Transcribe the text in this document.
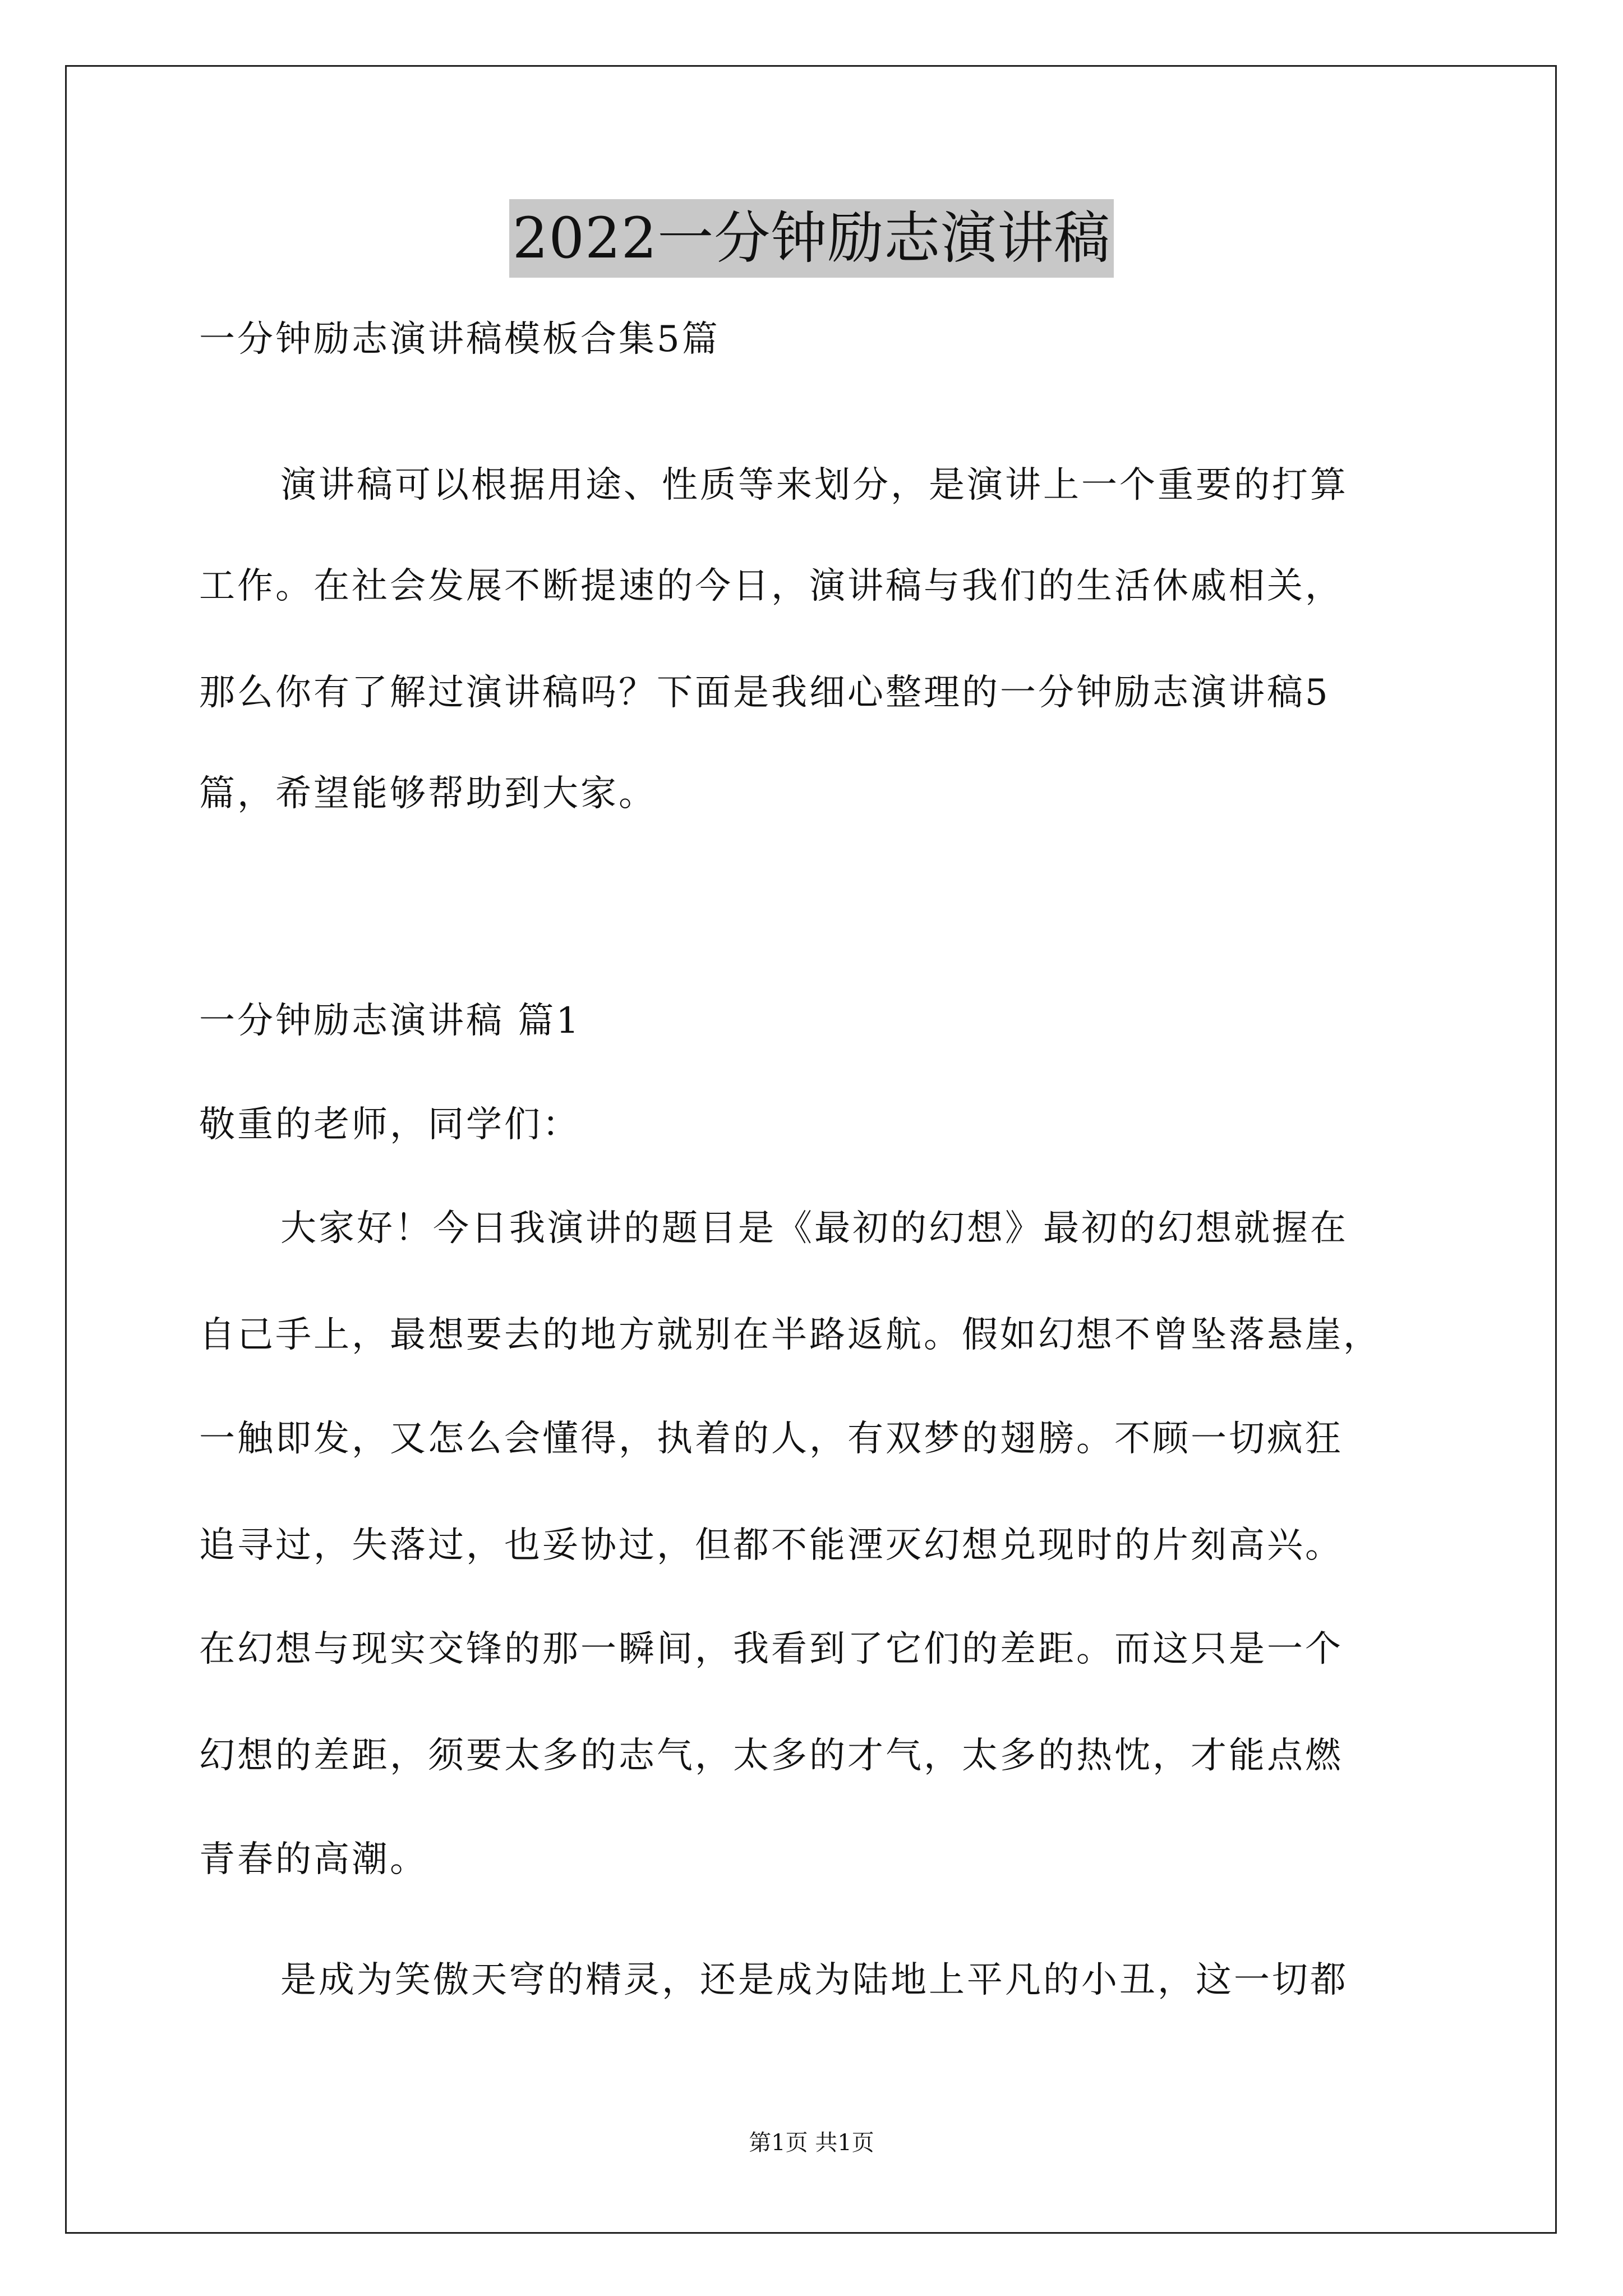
2022一分钟励志演讲稿
一分钟励志演讲稿模板合集5篇
演讲稿可以根据用途、性质等来划分，是演讲上一个重要的打算
工作。在社会发展不断提速的今日，演讲稿与我们的生活休戚相关，
那么你有了解过演讲稿吗？下面是我细心整理的一分钟励志演讲稿5
篇，希望能够帮助到大家。
一分钟励志演讲稿 篇1
敬重的老师，同学们：
大家好！今日我演讲的题目是《最初的幻想》最初的幻想就握在
自己手上，最想要去的地方就别在半路返航。假如幻想不曾坠落悬崖，
一触即发，又怎么会懂得，执着的人，有双梦的翅膀。不顾一切疯狂
追寻过，失落过，也妥协过，但都不能湮灭幻想兑现时的片刻高兴。
在幻想与现实交锋的那一瞬间，我看到了它们的差距。而这只是一个
幻想的差距，须要太多的志气，太多的才气，太多的热忱，才能点燃
青春的高潮。
是成为笑傲天穹的精灵，还是成为陆地上平凡的小丑，这一切都
第1页 共1页
